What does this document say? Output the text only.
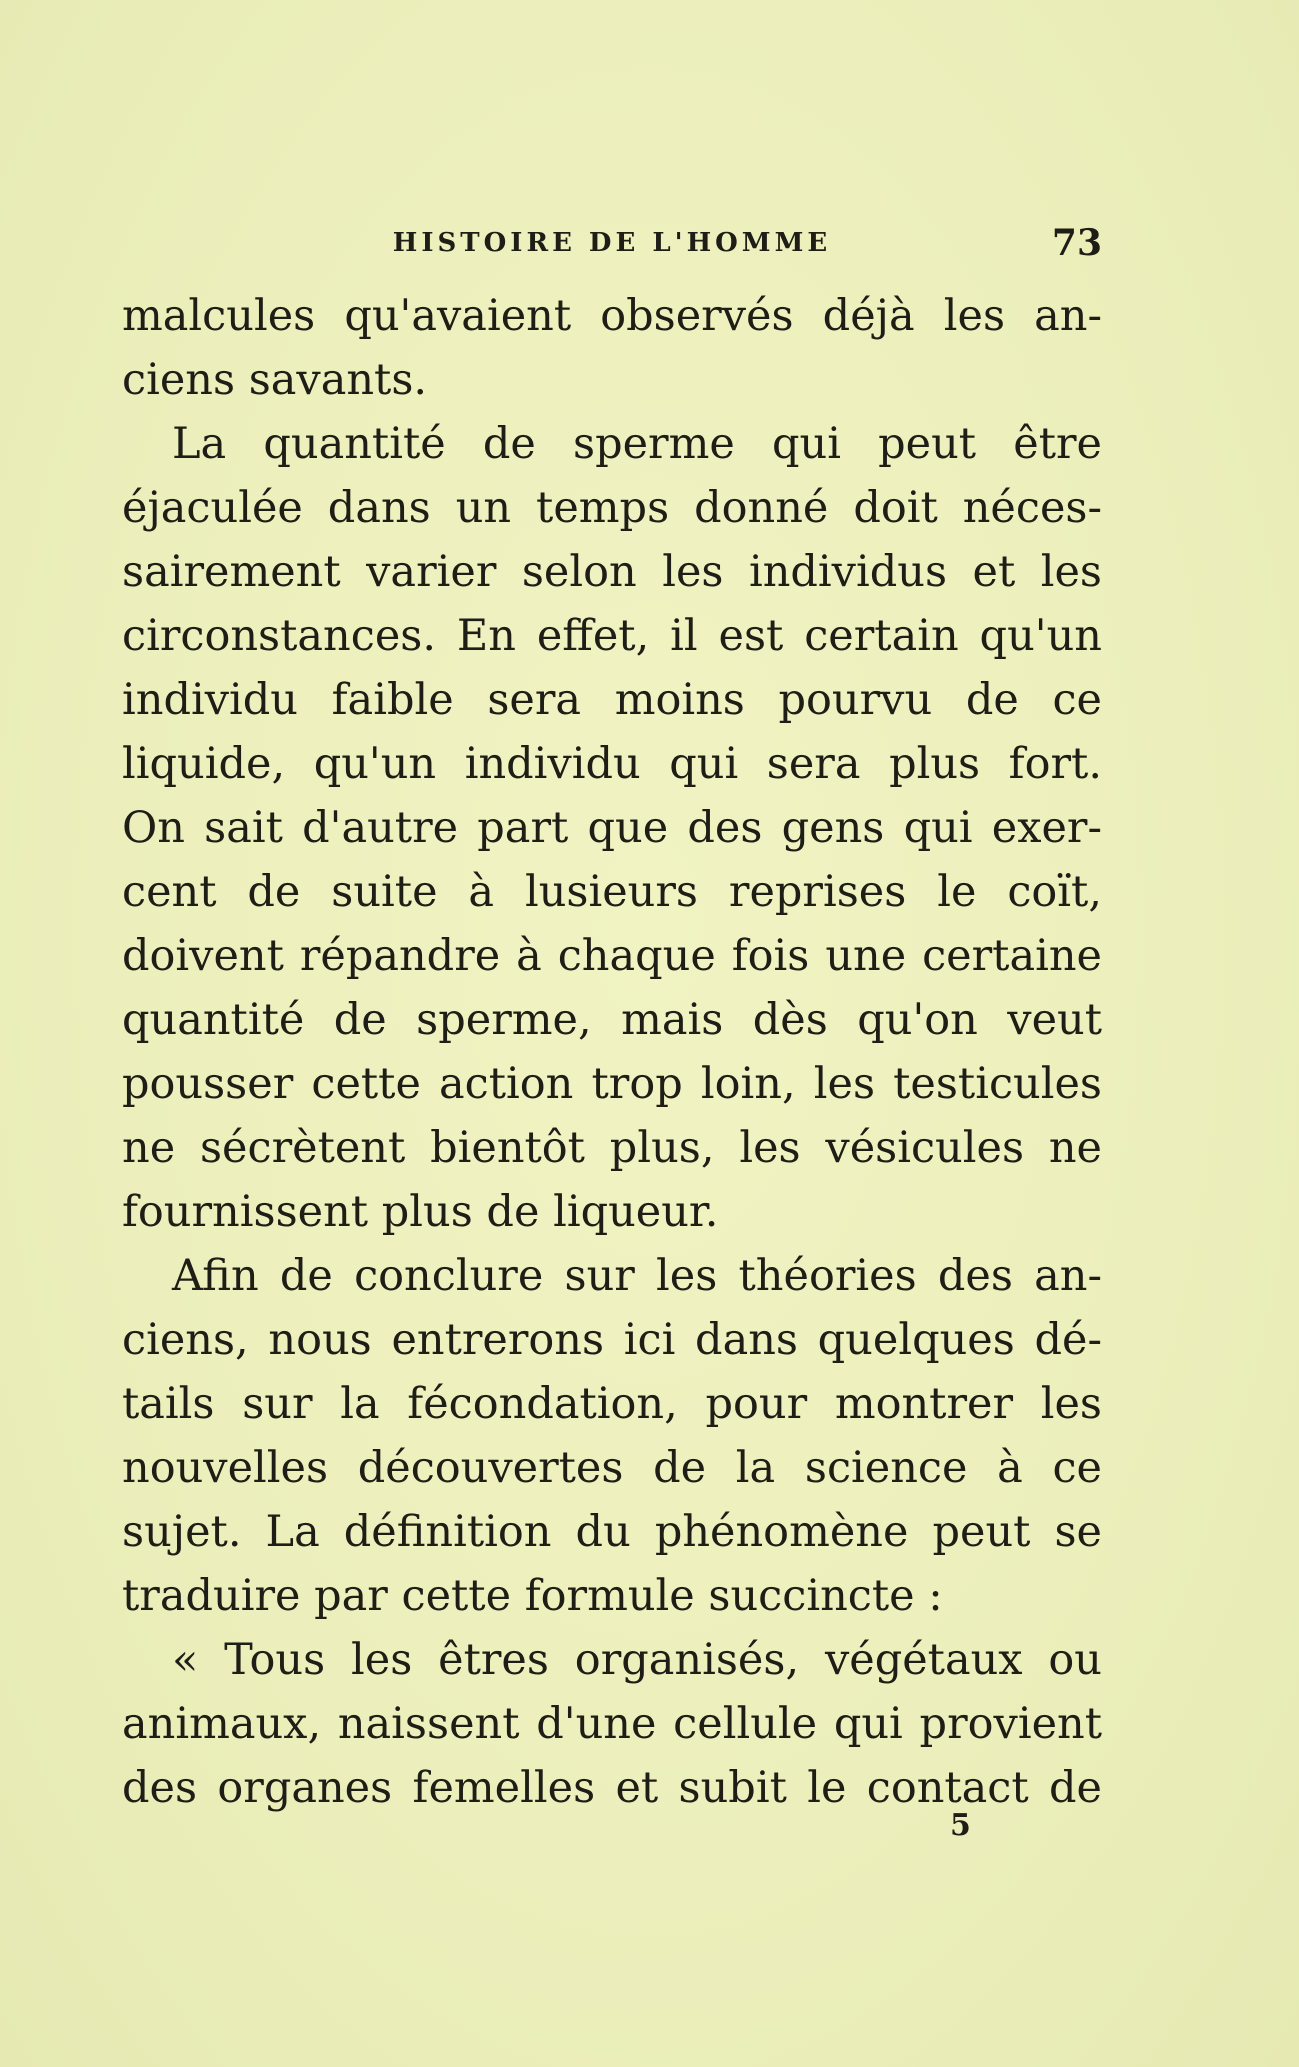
HISTOIRE DE L'HOMME	73
malcules qu'avaient observés déjà les an-
ciens savants.
La quantité de sperme qui peut être
éjaculée dans un temps donné doit néces-
sairement varier selon les individus et les
circonstances. En effet, il est certain qu'un
individu faible sera moins pourvu de ce
liquide, qu'un individu qui sera plus fort.
On sait d'autre part que des gens qui exer-
cent de suite à lusieurs reprises le coït,
doivent répandre à chaque fois une certaine
quantité de sperme, mais dès qu'on veut
pousser cette action trop loin, les testicules
ne sécrètent bientôt plus, les vésicules ne
fournissent plus de liqueur.
Afin de conclure sur les théories des an-
ciens, nous entrerons ici dans quelques dé-
tails sur la fécondation, pour montrer les
nouvelles découvertes de la science à ce
sujet. La définition du phénomène peut se
traduire par cette formule succincte :
« Tous les êtres organisés, végétaux ou
animaux, naissent d'une cellule qui provient
des organes femelles et subit le contact de
5
